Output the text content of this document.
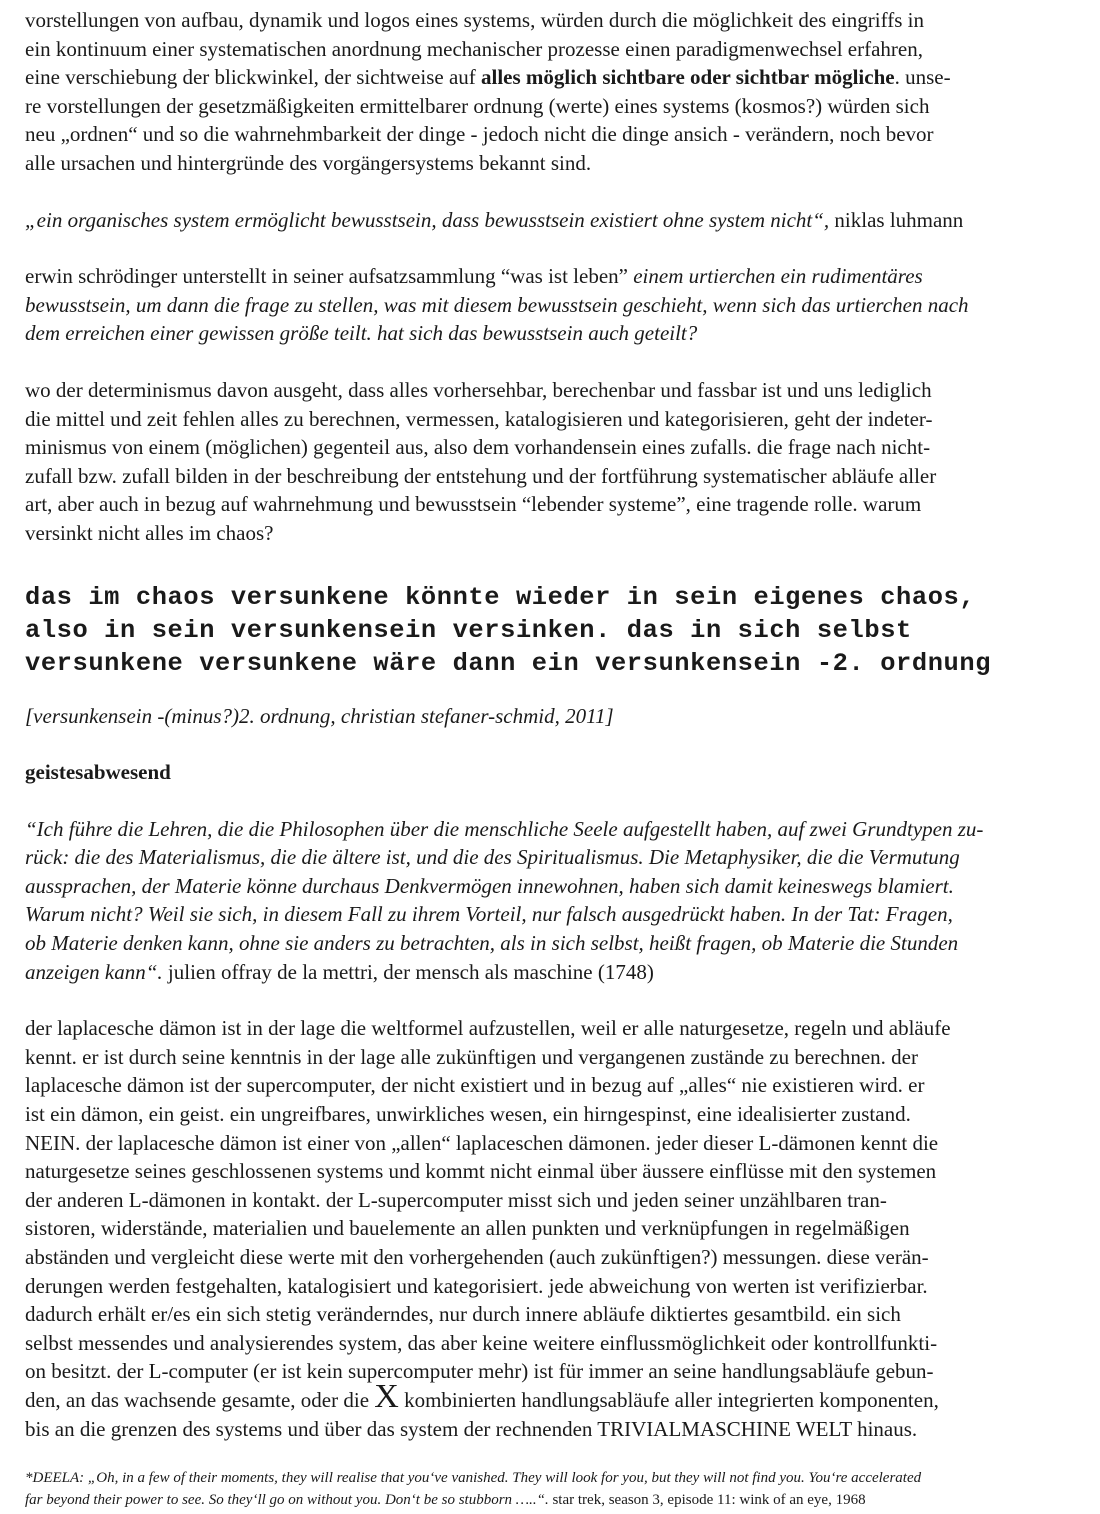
vorstellungen von aufbau, dynamik und logos eines systems, würden durch die möglichkeit des eingriffs in
ein kontinuum einer systematischen anordnung mechanischer prozesse einen paradigmenwechsel erfahren,
eine verschiebung der blickwinkel, der sichtweise auf alles möglich sichtbare oder sichtbar mögliche. unse-
re vorstellungen der gesetzmäßigkeiten ermittelbarer ordnung (werte) eines systems (kosmos?) würden sich
neu „ordnen“ und so die wahrnehmbarkeit der dinge - jedoch nicht die dinge ansich - verändern, noch bevor
alle ursachen und hintergründe des vorgängersystems bekannt sind.

„ein organisches system ermöglicht bewusstsein, dass bewusstsein existiert ohne system nicht“, niklas luhmann

erwin schrödinger unterstellt in seiner aufsatzsammlung “was ist leben” einem urtierchen ein rudimentäres
bewusstsein, um dann die frage zu stellen, was mit diesem bewusstsein geschieht, wenn sich das urtierchen nach
dem erreichen einer gewissen größe teilt. hat sich das bewusstsein auch geteilt?

wo der determinismus davon ausgeht, dass alles vorhersehbar, berechenbar und fassbar ist und uns lediglich
die mittel und zeit fehlen alles zu berechnen, vermessen, katalogisieren und kategorisieren, geht der indeter-
minismus von einem (möglichen) gegenteil aus, also dem vorhandensein eines zufalls. die frage nach nicht-
zufall bzw. zufall bilden in der beschreibung der entstehung und der fortführung systematischer abläufe aller
art, aber auch in bezug auf wahrnehmung und bewusstsein “lebender systeme”, eine tragende rolle. warum
versinkt nicht alles im chaos?

das im chaos versunkene könnte wieder in sein eigenes chaos,
also in sein versunkensein versinken. das in sich selbst
versunkene versunkene wäre dann ein versunkensein -2. ordnung

[versunkensein -(minus?)2. ordnung, christian stefaner-schmid, 2011]

geistesabwesend

“Ich führe die Lehren, die die Philosophen über die menschliche Seele aufgestellt haben, auf zwei Grundtypen zu-
rück: die des Materialismus, die die ältere ist, und die des Spiritualismus. Die Metaphysiker, die die Vermutung
aussprachen, der Materie könne durchaus Denkvermögen innewohnen, haben sich damit keineswegs blamiert.
Warum nicht? Weil sie sich, in diesem Fall zu ihrem Vorteil, nur falsch ausgedrückt haben. In der Tat: Fragen,
ob Materie denken kann, ohne sie anders zu betrachten, als in sich selbst, heißt fragen, ob Materie die Stunden
anzeigen kann“. julien offray de la mettri, der mensch als maschine (1748)

der laplacesche dämon ist in der lage die weltformel aufzustellen, weil er alle naturgesetze, regeln und abläufe
kennt. er ist durch seine kenntnis in der lage alle zukünftigen und vergangenen zustände zu berechnen. der
laplacesche dämon ist der supercomputer, der nicht existiert und in bezug auf „alles“ nie existieren wird. er
ist ein dämon, ein geist. ein ungreifbares, unwirkliches wesen, ein hirngespinst, eine idealisierter zustand.
NEIN. der laplacesche dämon ist einer von „allen“ laplaceschen dämonen. jeder dieser L-dämonen kennt die
naturgesetze seines geschlossenen systems und kommt nicht einmal über äussere einflüsse mit den systemen
der anderen L-dämonen in kontakt. der L-supercomputer misst sich und jeden seiner unzählbaren tran-
sistoren, widerstände, materialien und bauelemente an allen punkten und verknüpfungen in regelmäßigen
abständen und vergleicht diese werte mit den vorhergehenden (auch zukünftigen?) messungen. diese verän-
derungen werden festgehalten, katalogisiert und kategorisiert. jede abweichung von werten ist verifizierbar.
dadurch erhält er/es ein sich stetig veränderndes, nur durch innere abläufe diktiertes gesamtbild. ein sich
selbst messendes und analysierendes system, das aber keine weitere einflussmöglichkeit oder kontrollfunkti-
on besitzt. der L-computer (er ist kein supercomputer mehr) ist für immer an seine handlungsabläufe gebun-
den, an das wachsende gesamte, oder die X kombinierten handlungsabläufe aller integrierten komponenten,
bis an die grenzen des systems und über das system der rechnenden TRIVIALMASCHINE WELT hinaus.

*DEELA: „Oh, in a few of their moments, they will realise that you‘ve vanished. They will look for you, but they will not find you. You‘re accelerated
far beyond their power to see. So they‘ll go on without you. Don‘t be so stubborn …..“. star trek, season 3, episode 11: wink of an eye, 1968
